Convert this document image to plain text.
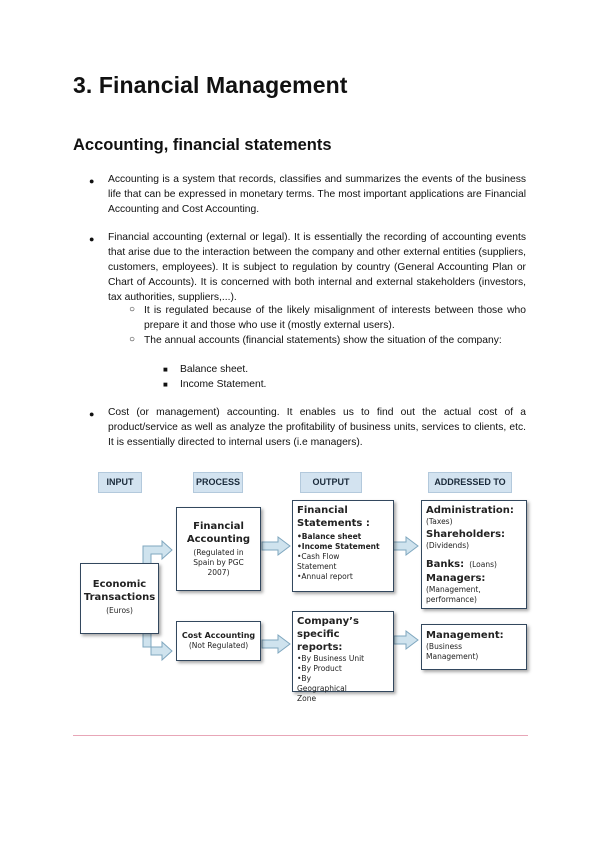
3. Financial Management
Accounting, financial statements
● Accounting is a system that records, classifies and summarizes the events of the business life that can be expressed in monetary terms. The most important applications are Financial Accounting and Cost Accounting.

● Financial accounting (external or legal). It is essentially the recording of accounting events that arise due to the interaction between the company and other external entities (suppliers, customers, employees). It is subject to regulation by country (General Accounting Plan or Chart of Accounts). It is concerned with both internal and external stakeholders (investors, tax authorities, suppliers,...).

○ It is regulated because of the likely misalignment of interests between those who prepare it and those who use it (mostly external users).

○ The annual accounts (financial statements) show the situation of the company:

■ Balance sheet.

■ Income Statement.

● Cost (or management) accounting. It enables us to find out the actual cost of a product/service as well as analyze the profitability of business units, services to clients, etc. It is essentially directed to internal users (i.e managers).

INPUT	PROCESS	OUTPUT	ADDRESSED TO
Economic Transactions
(Euros)
Financial Accounting
(Regulated in Spain by PGC 2007)
Cost Accounting
(Not Regulated)
Financial Statements :
•Balance sheet
•Income Statement
•Cash Flow Statement
•Annual report
Company’s specific reports:
•By Business Unit
•By Product
•By Geographical Zone
Administration:
(Taxes)
Shareholders:
(Dividends)
Banks: (Loans)
Managers:
(Management, performance)
Management:
(Business Management)
